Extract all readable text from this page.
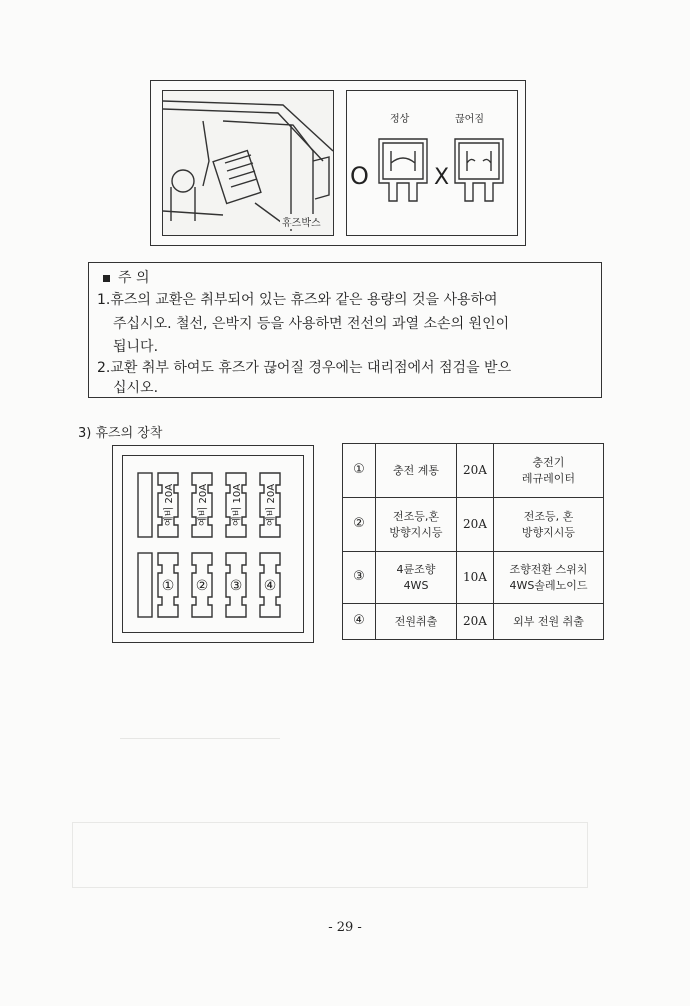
휴즈박스
정상	끊어짐
O	X
주 의
1.휴즈의 교환은 취부되어 있는 휴즈와 같은 용량의 것을 사용하여
주십시오. 철선, 은박지 등을 사용하면 전선의 과열 소손의 원인이
됩니다.
2.교환 취부 하여도 휴즈가 끊어질 경우에는 대리점에서 점검을 받으
십시오.
3) 휴즈의 장착
예비 20A 예비 20A 예비 10A 예비 20A
① ② ③ ④
①	충전 계통	20A	충전기
레규레이터
②	전조등,혼
방향지시등	20A	전조등, 혼
방향지시등
③	4륜조향
4WS	10A	조향전환 스위치
4WS솔레노이드
④	전원취출	20A	외부 전원 취출
- 29 -
